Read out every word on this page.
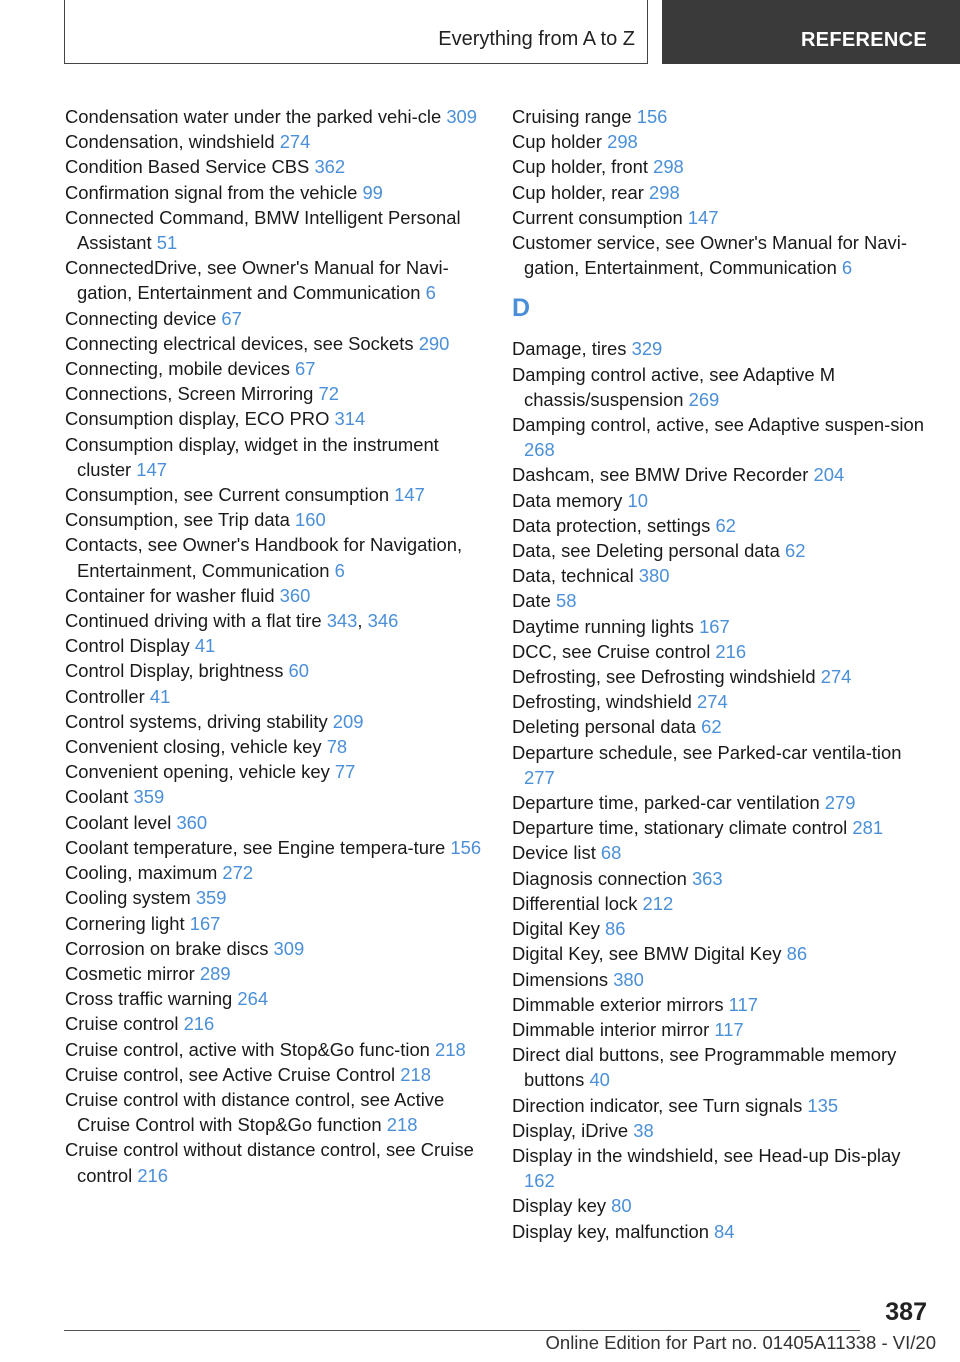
Everything from A to Z	REFERENCE
Condensation water under the parked vehi-cle 309
Condensation, windshield 274
Condition Based Service CBS 362
Confirmation signal from the vehicle 99
Connected Command, BMW Intelligent Personal Assistant 51
ConnectedDrive, see Owner's Manual for Navi-gation, Entertainment and Communication 6
Connecting device 67
Connecting electrical devices, see Sockets 290
Connecting, mobile devices 67
Connections, Screen Mirroring 72
Consumption display, ECO PRO 314
Consumption display, widget in the instrument cluster 147
Consumption, see Current consumption 147
Consumption, see Trip data 160
Contacts, see Owner's Handbook for Navigation, Entertainment, Communication 6
Container for washer fluid 360
Continued driving with a flat tire 343, 346
Control Display 41
Control Display, brightness 60
Controller 41
Control systems, driving stability 209
Convenient closing, vehicle key 78
Convenient opening, vehicle key 77
Coolant 359
Coolant level 360
Coolant temperature, see Engine tempera-ture 156
Cooling, maximum 272
Cooling system 359
Cornering light 167
Corrosion on brake discs 309
Cosmetic mirror 289
Cross traffic warning 264
Cruise control 216
Cruise control, active with Stop&Go func-tion 218
Cruise control, see Active Cruise Control 218
Cruise control with distance control, see Active Cruise Control with Stop&Go function 218
Cruise control without distance control, see Cruise control 216
Cruising range 156
Cup holder 298
Cup holder, front 298
Cup holder, rear 298
Current consumption 147
Customer service, see Owner's Manual for Navi-gation, Entertainment, Communication 6
D
Damage, tires 329
Damping control active, see Adaptive M chassis/suspension 269
Damping control, active, see Adaptive suspen-sion 268
Dashcam, see BMW Drive Recorder 204
Data memory 10
Data protection, settings 62
Data, see Deleting personal data 62
Data, technical 380
Date 58
Daytime running lights 167
DCC, see Cruise control 216
Defrosting, see Defrosting windshield 274
Defrosting, windshield 274
Deleting personal data 62
Departure schedule, see Parked-car ventila-tion 277
Departure time, parked-car ventilation 279
Departure time, stationary climate control 281
Device list 68
Diagnosis connection 363
Differential lock 212
Digital Key 86
Digital Key, see BMW Digital Key 86
Dimensions 380
Dimmable exterior mirrors 117
Dimmable interior mirror 117
Direct dial buttons, see Programmable memory buttons 40
Direction indicator, see Turn signals 135
Display, iDrive 38
Display in the windshield, see Head-up Dis-play 162
Display key 80
Display key, malfunction 84
387
Online Edition for Part no. 01405A11338 - VI/20
